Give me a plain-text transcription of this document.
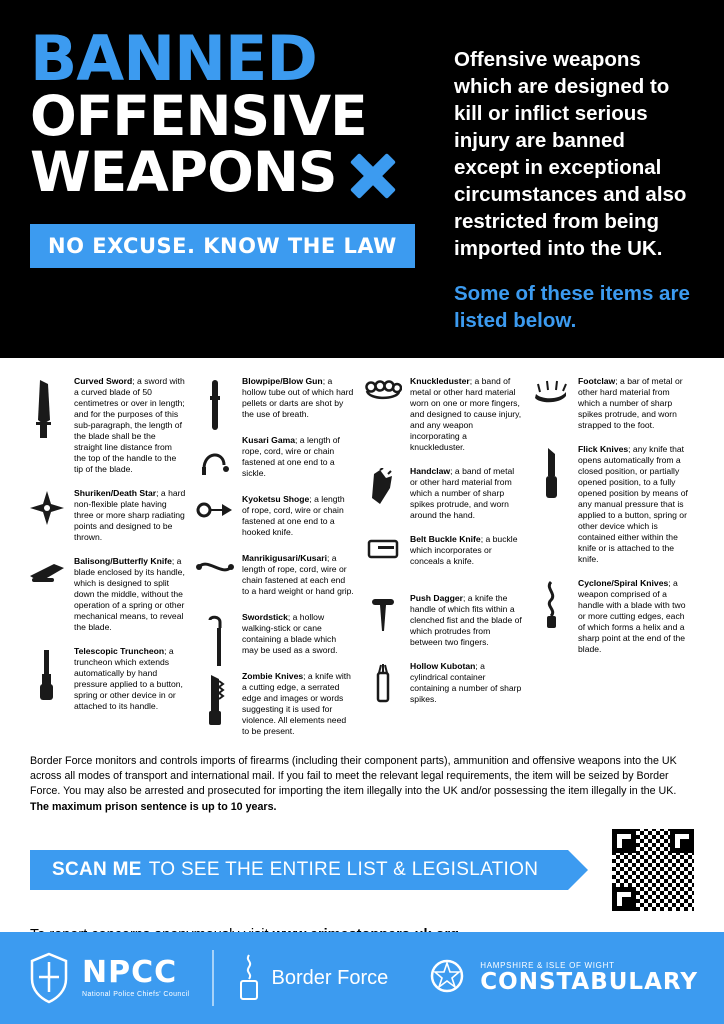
BANNED
OFFENSIVE
WEAPONS
NO EXCUSE. KNOW THE LAW
Offensive weapons which are designed to kill or inflict serious injury are banned except in exceptional circumstances and also restricted from being imported into the UK.
Some of these items are listed below.
Curved Sword; a sword with a curved blade of 50 centimetres or over in length; and for the purposes of this sub-paragraph, the length of the blade shall be the straight line distance from the top of the handle to the tip of the blade.
Shuriken/Death Star; a hard non-flexible plate having three or more sharp radiating points and designed to be thrown.
Balisong/Butterfly Knife; a blade enclosed by its handle, which is designed to split down the middle, without the operation of a spring or other mechanical means, to reveal the blade.
Telescopic Truncheon; a truncheon which extends automatically by hand pressure applied to a button, spring or other device in or attached to its handle.
Blowpipe/Blow Gun; a hollow tube out of which hard pellets or darts are shot by the use of breath.
Kusari Gama; a length of rope, cord, wire or chain fastened at one end to a sickle.
Kyoketsu Shoge; a length of rope, cord, wire or chain fastened at one end to a hooked knife.
Manrikigusari/Kusari; a length of rope, cord, wire or chain fastened at each end to a hard weight or hand grip.
Swordstick; a hollow walking-stick or cane containing a blade which may be used as a sword.
Zombie Knives; a knife with a cutting edge, a serrated edge and images or words suggesting it is used for violence. All elements need to be present.
Knuckleduster; a band of metal or other hard material worn on one or more fingers, and designed to cause injury, and any weapon incorporating a knuckleduster.
Handclaw; a band of metal or other hard material from which a number of sharp spikes protrude, and worn around the hand.
Belt Buckle Knife; a buckle which incorporates or conceals a knife.
Push Dagger; a knife the handle of which fits within a clenched fist and the blade of which protrudes from between two fingers.
Hollow Kubotan; a cylindrical container containing a number of sharp spikes.
Footclaw; a bar of metal or other hard material from which a number of sharp spikes protrude, and worn strapped to the foot.
Flick Knives; any knife that opens automatically from a closed position, or partially opened position, to a fully opened position by means of any manual pressure that is applied to a button, spring or other device which is contained either within the knife or is attached to the knife.
Cyclone/Spiral Knives; a weapon comprised of a handle with a blade with two or more cutting edges, each of which forms a helix and a sharp point at the end of the blade.
Border Force monitors and controls imports of firearms (including their component parts), ammunition and offensive weapons into the UK across all modes of transport and international mail. If you fail to meet the relevant legal requirements, the item will be seized by Border Force. You may also be arrested and prosecuted for importing the item illegally into the UK and/or possessing the item illegally in the UK. The maximum prison sentence is up to 10 years.
SCAN ME TO SEE THE ENTIRE LIST & LEGISLATION
NPCC
National Police Chiefs' Council
Border Force
HAMPSHIRE & ISLE OF WIGHT
CONSTABULARY
